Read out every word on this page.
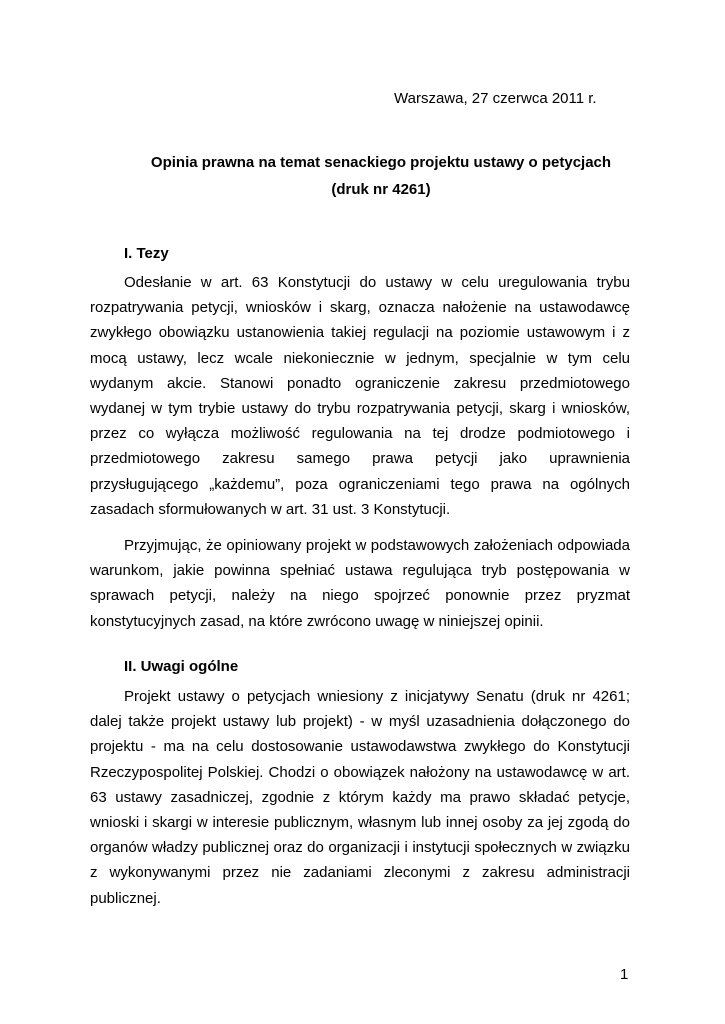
Warszawa, 27 czerwca 2011 r.
Opinia prawna na temat senackiego projektu ustawy o petycjach
(druk nr 4261)
I. Tezy

Odesłanie w art. 63 Konstytucji do ustawy w celu uregulowania trybu rozpatrywania petycji, wniosków i skarg, oznacza nałożenie na ustawodawcę zwykłego obowiązku ustanowienia takiej regulacji na poziomie ustawowym i z mocą ustawy, lecz wcale niekoniecznie w jednym, specjalnie w tym celu wydanym akcie. Stanowi ponadto ograniczenie zakresu przedmiotowego wydanej w tym trybie ustawy do trybu rozpatrywania petycji, skarg i wniosków, przez co wyłącza możliwość regulowania na tej drodze podmiotowego i przedmiotowego zakresu samego prawa petycji jako uprawnienia przysługującego „każdemu”, poza ograniczeniami tego prawa na ogólnych zasadach sformułowanych w art. 31 ust. 3 Konstytucji.

Przyjmując, że opiniowany projekt w podstawowych założeniach odpowiada warunkom, jakie powinna spełniać ustawa regulująca tryb postępowania w sprawach petycji, należy na niego spojrzeć ponownie przez pryzmat konstytucyjnych zasad, na które zwrócono uwagę w niniejszej opinii.

II. Uwagi ogólne

Projekt ustawy o petycjach wniesiony z inicjatywy Senatu (druk nr 4261; dalej także projekt ustawy lub projekt) - w myśl uzasadnienia dołączonego do projektu - ma na celu dostosowanie ustawodawstwa zwykłego do Konstytucji Rzeczypospolitej Polskiej. Chodzi o obowiązek nałożony na ustawodawcę w art. 63 ustawy zasadniczej, zgodnie z którym każdy ma prawo składać petycje, wnioski i skargi w interesie publicznym, własnym lub innej osoby za jej zgodą do organów władzy publicznej oraz do organizacji i instytucji społecznych w związku z wykonywanymi przez nie zadaniami zleconymi z zakresu administracji publicznej.

1
